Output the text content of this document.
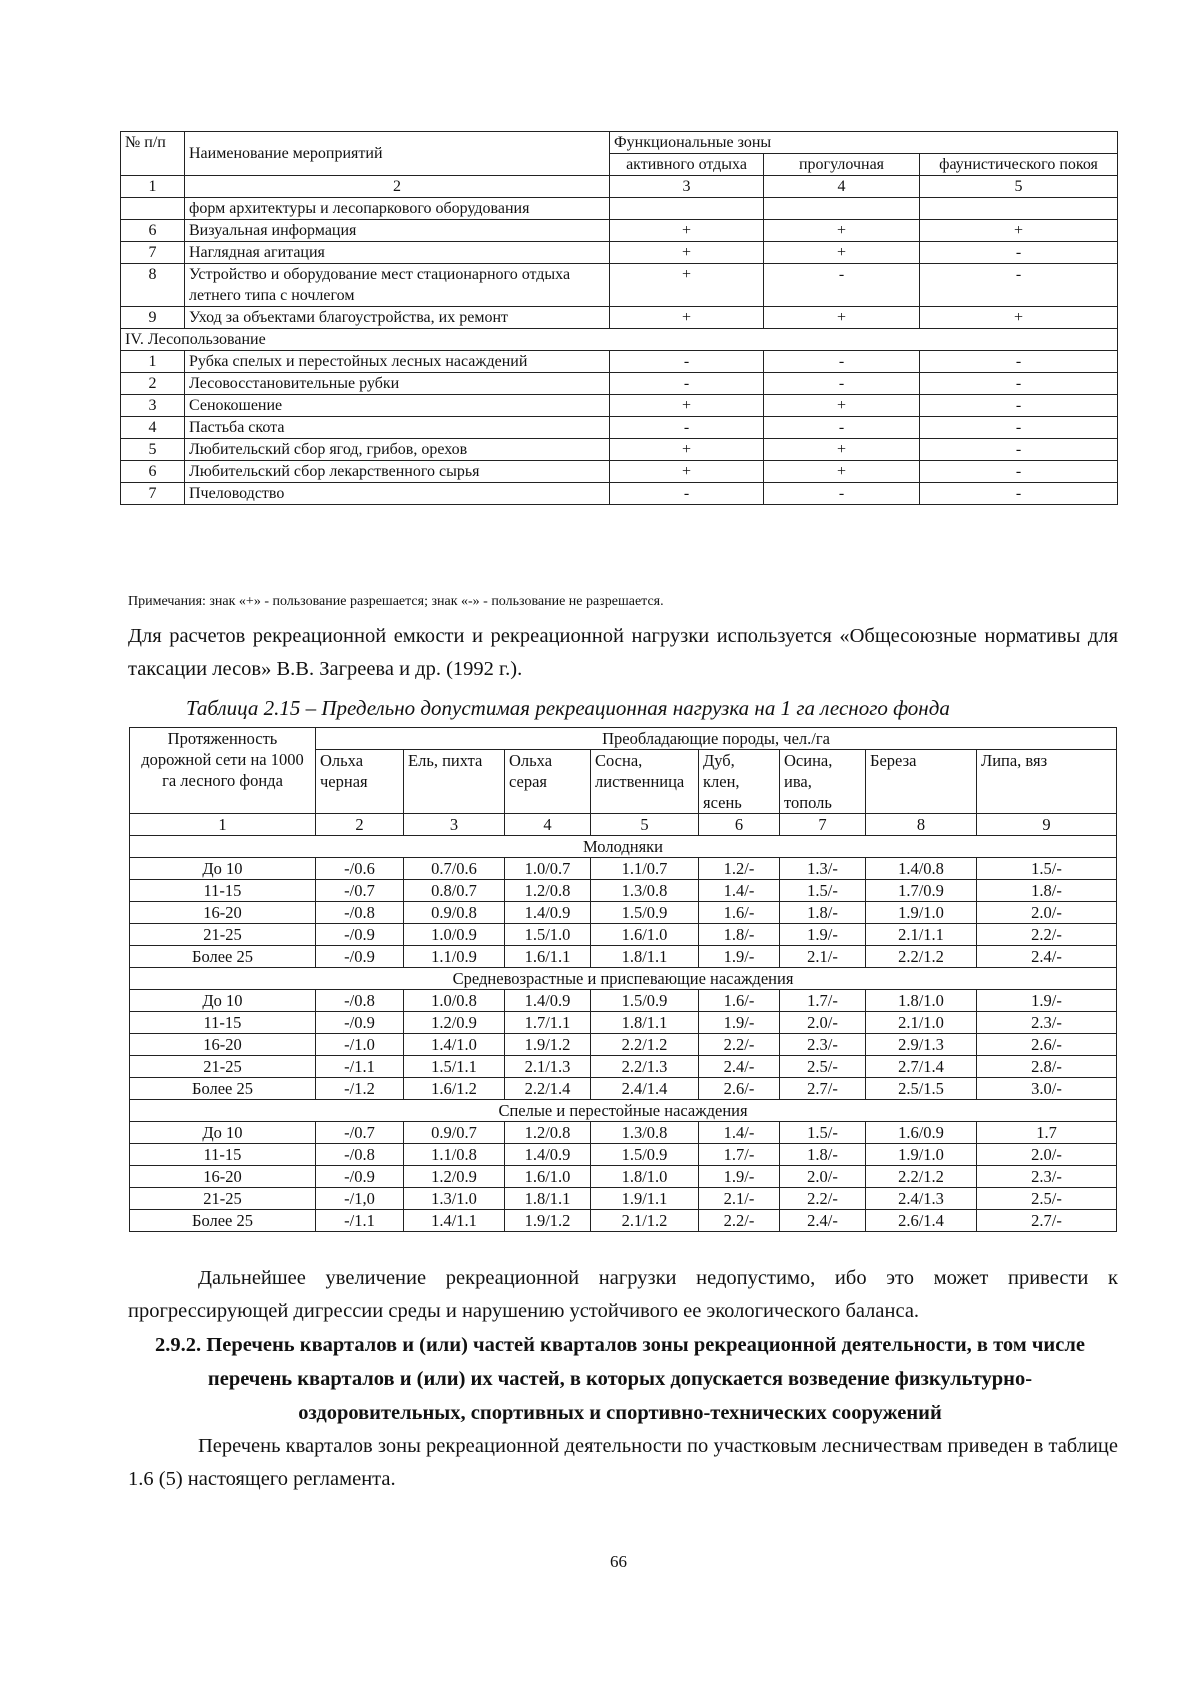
№ п/п	Наименование мероприятий	Функциональные зоны		
		активного отдыха	прогулочная	фаунистического покоя
1	2	3	4	5
	форм архитектуры и лесопаркового оборудования			
6	Визуальная информация	+	+	+
7	Наглядная агитация	+	+	-
8	Устройство и оборудование мест стационарного отдыха летнего типа с ночлегом	+	-	-
9	Уход за объектами благоустройства, их ремонт	+	+	+
IV. Лесопользование				
1	Рубка спелых и перестойных лесных насаждений	-	-	-
2	Лесовосстановительные рубки	-	-	-
3	Сенокошение	+	+	-
4	Пастьба скота	-	-	-
5	Любительский сбор ягод, грибов, орехов	+	+	-
6	Любительский сбор лекарственного сырья	+	+	-
7	Пчеловодство	-	-	-
Примечания: знак «+» - пользование разрешается; знак «-» - пользование не разрешается.
Для расчетов рекреационной емкости и рекреационной нагрузки используется «Общесоюзные нормативы для таксации лесов» В.В. Загреева и др. (1992 г.).
Таблица 2.15 – Предельно допустимая рекреационная нагрузка на 1 га лесного фонда
Протяженность дорожной сети на 1000 га лесного фонда	Преобладающие породы, чел./га							
	Ольха черная	Ель, пихта	Ольха серая	Сосна, лиственница	Дуб, клен, ясень	Осина, ива, тополь	Береза	Липа, вяз
1	2	3	4	5	6	7	8	9
Молодняки								
До 10	-/0.6	0.7/0.6	1.0/0.7	1.1/0.7	1.2/-	1.3/-	1.4/0.8	1.5/-
11-15	-/0.7	0.8/0.7	1.2/0.8	1.3/0.8	1.4/-	1.5/-	1.7/0.9	1.8/-
16-20	-/0.8	0.9/0.8	1.4/0.9	1.5/0.9	1.6/-	1.8/-	1.9/1.0	2.0/-
21-25	-/0.9	1.0/0.9	1.5/1.0	1.6/1.0	1.8/-	1.9/-	2.1/1.1	2.2/-
Более 25	-/0.9	1.1/0.9	1.6/1.1	1.8/1.1	1.9/-	2.1/-	2.2/1.2	2.4/-
Средневозрастные и приспевающие насаждения								
До 10	-/0.8	1.0/0.8	1.4/0.9	1.5/0.9	1.6/-	1.7/-	1.8/1.0	1.9/-
11-15	-/0.9	1.2/0.9	1.7/1.1	1.8/1.1	1.9/-	2.0/-	2.1/1.0	2.3/-
16-20	-/1.0	1.4/1.0	1.9/1.2	2.2/1.2	2.2/-	2.3/-	2.9/1.3	2.6/-
21-25	-/1.1	1.5/1.1	2.1/1.3	2.2/1.3	2.4/-	2.5/-	2.7/1.4	2.8/-
Более 25	-/1.2	1.6/1.2	2.2/1.4	2.4/1.4	2.6/-	2.7/-	2.5/1.5	3.0/-
Спелые и перестойные насаждения								
До 10	-/0.7	0.9/0.7	1.2/0.8	1.3/0.8	1.4/-	1.5/-	1.6/0.9	1.7
11-15	-/0.8	1.1/0.8	1.4/0.9	1.5/0.9	1.7/-	1.8/-	1.9/1.0	2.0/-
16-20	-/0.9	1.2/0.9	1.6/1.0	1.8/1.0	1.9/-	2.0/-	2.2/1.2	2.3/-
21-25	-/1,0	1.3/1.0	1.8/1.1	1.9/1.1	2.1/-	2.2/-	2.4/1.3	2.5/-
Более 25	-/1.1	1.4/1.1	1.9/1.2	2.1/1.2	2.2/-	2.4/-	2.6/1.4	2.7/-
Дальнейшее увеличение рекреационной нагрузки недопустимо, ибо это может привести к прогрессирующей дигрессии среды и нарушению устойчивого ее экологического баланса.
2.9.2. Перечень кварталов и (или) частей кварталов зоны рекреационной деятельности, в том числе перечень кварталов и (или) их частей, в которых допускается возведение физкультурно-оздоровительных, спортивных и спортивно-технических сооружений
Перечень кварталов зоны рекреационной деятельности по участковым лесничествам приведен в таблице 1.6 (5) настоящего регламента.
66
